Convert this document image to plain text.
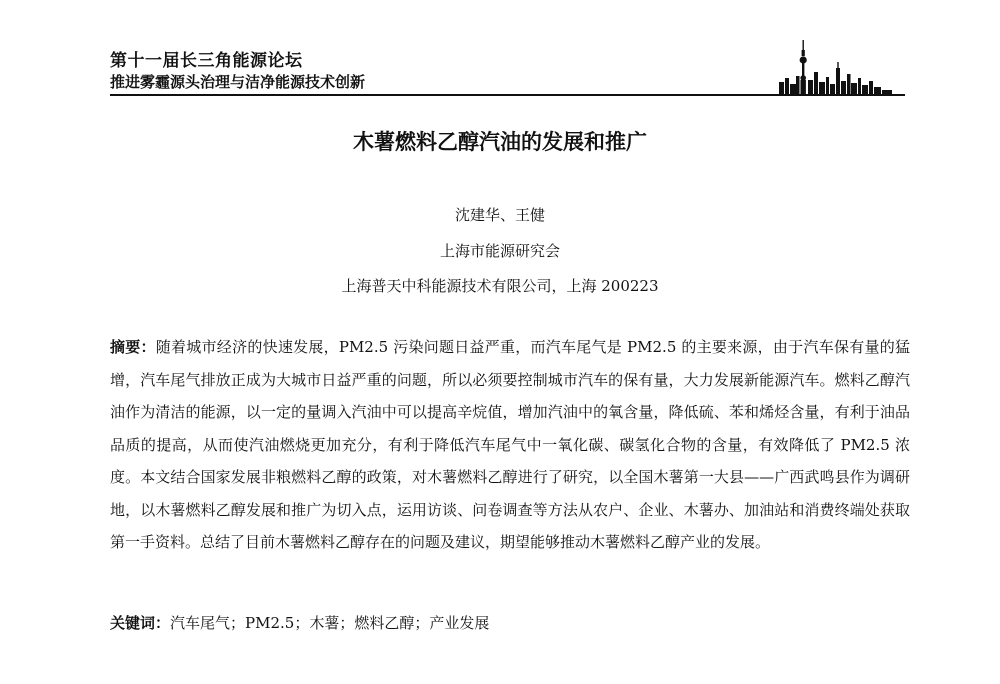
第十一届长三角能源论坛
推进雾霾源头治理与洁净能源技术创新
木薯燃料乙醇汽油的发展和推广
沈建华、王健
上海市能源研究会
上海普天中科能源技术有限公司，上海 200223
摘要：随着城市经济的快速发展，PM2.5 污染问题日益严重，而汽车尾气是 PM2.5 的主要来源，由于汽车保有量的猛增，汽车尾气排放正成为大城市日益严重的问题，所以必须要控制城市汽车的保有量，大力发展新能源汽车。燃料乙醇汽油作为清洁的能源，以一定的量调入汽油中可以提高辛烷值，增加汽油中的氧含量，降低硫、苯和烯烃含量，有利于油品品质的提高，从而使汽油燃烧更加充分，有利于降低汽车尾气中一氧化碳、碳氢化合物的含量，有效降低了 PM2.5 浓度。本文结合国家发展非粮燃料乙醇的政策，对木薯燃料乙醇进行了研究，以全国木薯第一大县——广西武鸣县作为调研地，以木薯燃料乙醇发展和推广为切入点，运用访谈、问卷调查等方法从农户、企业、木薯办、加油站和消费终端处获取第一手资料。总结了目前木薯燃料乙醇存在的问题及建议，期望能够推动木薯燃料乙醇产业的发展。
关键词：汽车尾气；PM2.5；木薯；燃料乙醇；产业发展
